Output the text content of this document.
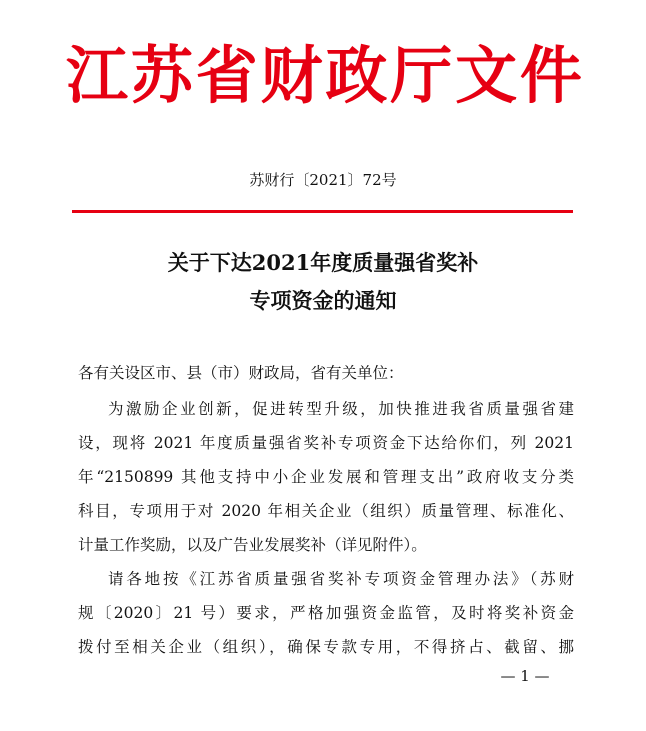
江 苏 省 财 政 厅 文 件
苏财行〔2021〕72号
关于下达2021年度质量强省奖补
专项资金的通知
各有关设区市、县（市）财政局，省有关单位：
为激励企业创新，促进转型升级，加快推进我省质量强省建
设，现将 2021 年度质量强省奖补专项资金下达给你们，列 2021
年“2150899 其他支持中小企业发展和管理支出”政府收支分类
科目，专项用于对 2020 年相关企业（组织）质量管理、标准化、
计量工作奖励，以及广告业发展奖补（详见附件）。
请各地按《江苏省质量强省奖补专项资金管理办法》（苏财
规〔2020〕21 号）要求，严格加强资金监管，及时将奖补资金
拨付至相关企业（组织），确保专款专用，不得挤占、截留、挪
— 1 —
